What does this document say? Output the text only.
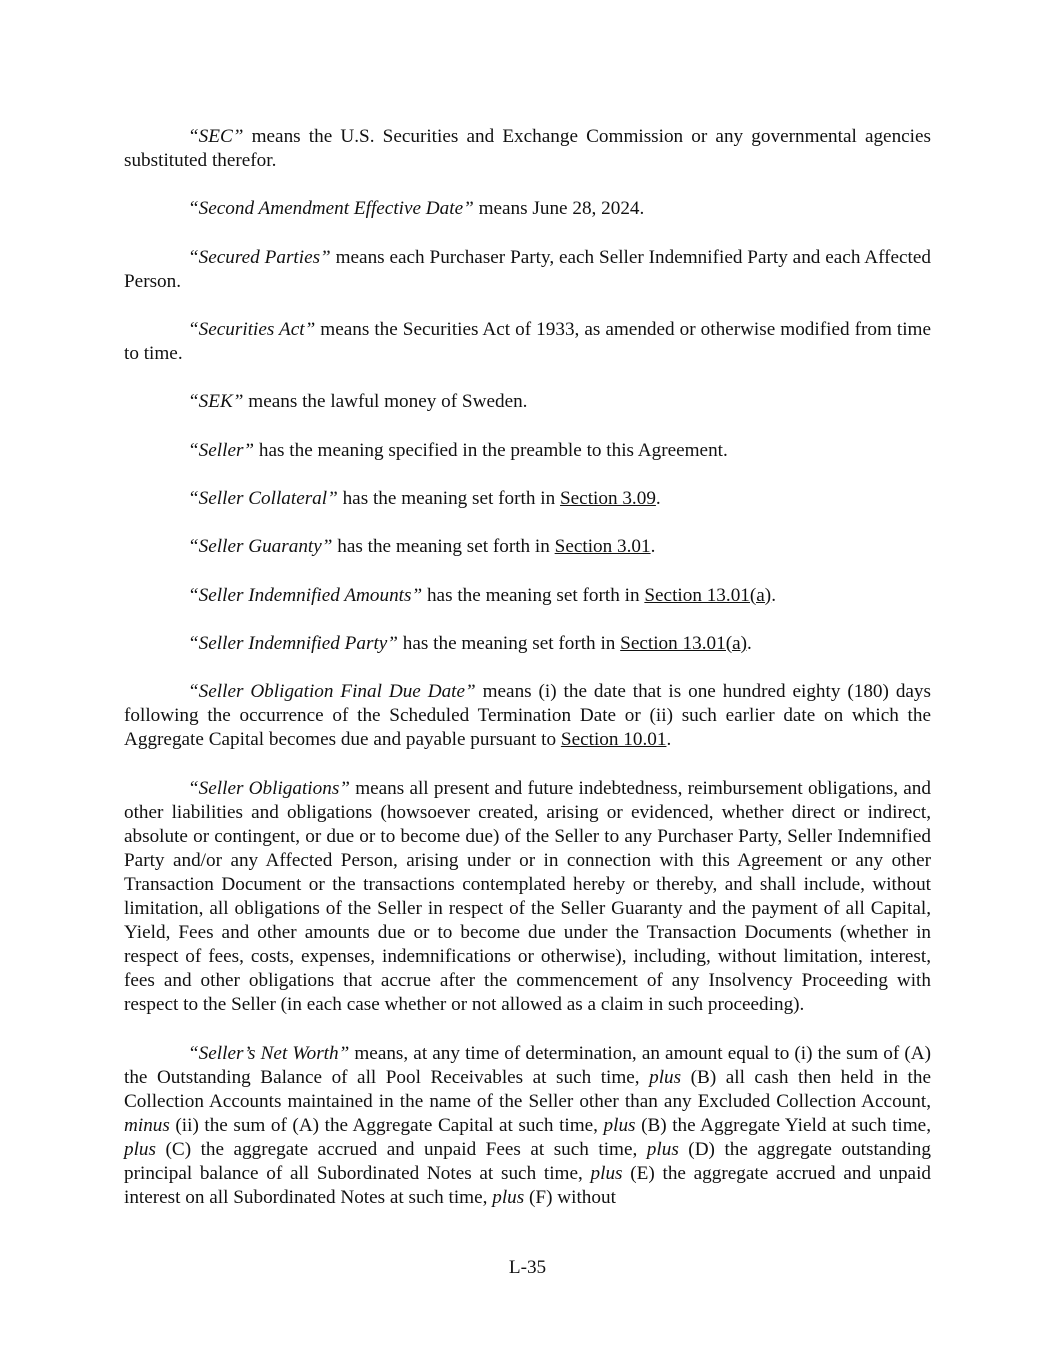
“SEC” means the U.S. Securities and Exchange Commission or any governmental agencies substituted therefor.

“Second Amendment Effective Date” means June 28, 2024.

“Secured Parties” means each Purchaser Party, each Seller Indemnified Party and each Affected Person.

“Securities Act” means the Securities Act of 1933, as amended or otherwise modified from time to time.

“SEK” means the lawful money of Sweden.

“Seller” has the meaning specified in the preamble to this Agreement.

“Seller Collateral” has the meaning set forth in Section 3.09.

“Seller Guaranty” has the meaning set forth in Section 3.01.

“Seller Indemnified Amounts” has the meaning set forth in Section 13.01(a).

“Seller Indemnified Party” has the meaning set forth in Section 13.01(a).

“Seller Obligation Final Due Date” means (i) the date that is one hundred eighty (180) days following the occurrence of the Scheduled Termination Date or (ii) such earlier date on which the Aggregate Capital becomes due and payable pursuant to Section 10.01.

“Seller Obligations” means all present and future indebtedness, reimbursement obligations, and other liabilities and obligations (howsoever created, arising or evidenced, whether direct or indirect, absolute or contingent, or due or to become due) of the Seller to any Purchaser Party, Seller Indemnified Party and/or any Affected Person, arising under or in connection with this Agreement or any other Transaction Document or the transactions contemplated hereby or thereby, and shall include, without limitation, all obligations of the Seller in respect of the Seller Guaranty and the payment of all Capital, Yield, Fees and other amounts due or to become due under the Transaction Documents (whether in respect of fees, costs, expenses, indemnifications or otherwise), including, without limitation, interest, fees and other obligations that accrue after the commencement of any Insolvency Proceeding with respect to the Seller (in each case whether or not allowed as a claim in such proceeding).

“Seller’s Net Worth” means, at any time of determination, an amount equal to (i) the sum of (A) the Outstanding Balance of all Pool Receivables at such time, plus (B) all cash then held in the Collection Accounts maintained in the name of the Seller other than any Excluded Collection Account, minus (ii) the sum of (A) the Aggregate Capital at such time, plus (B) the Aggregate Yield at such time, plus (C) the aggregate accrued and unpaid Fees at such time, plus (D) the aggregate outstanding principal balance of all Subordinated Notes at such time, plus (E) the aggregate accrued and unpaid interest on all Subordinated Notes at such time, plus (F) without

L-35
